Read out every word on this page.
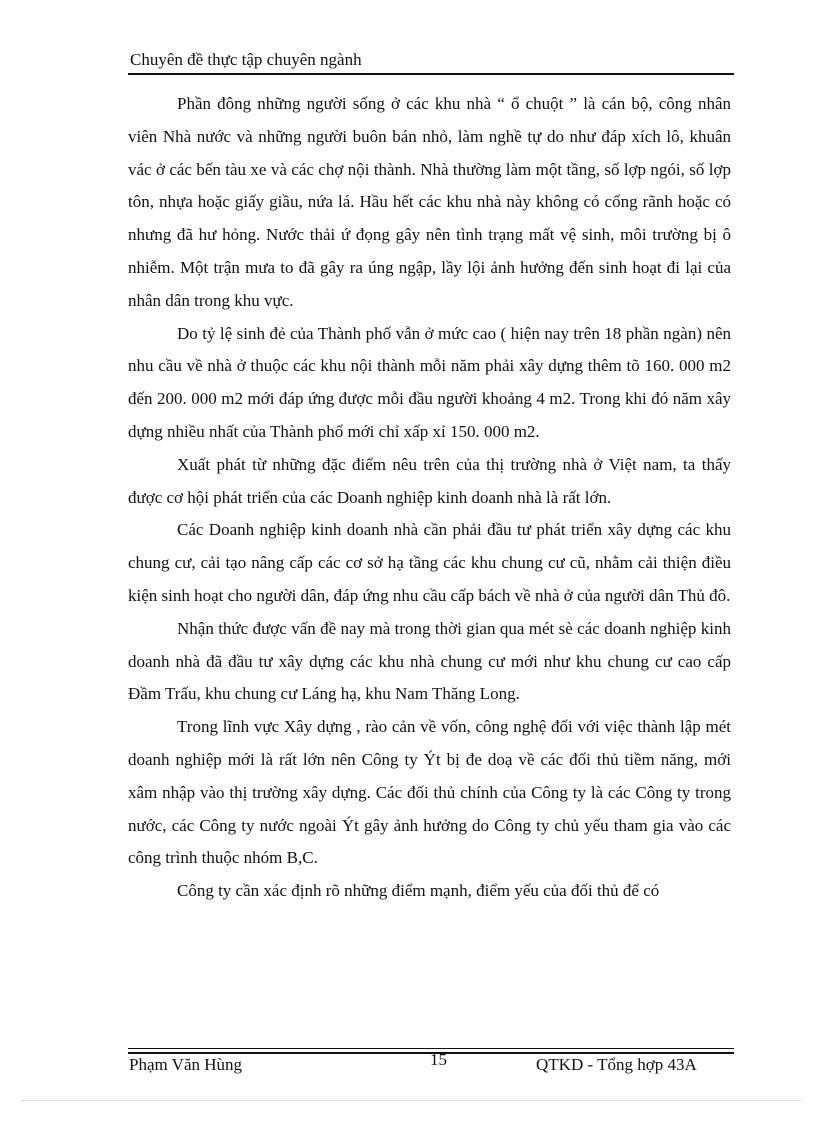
Chuyên đề thực tập chuyên ngành

Phần đông những người sống ở các khu nhà “ ổ chuột ” là cán bộ, công nhân viên Nhà nước và những người buôn bán nhỏ, làm nghề tự do như đáp xích lô, khuân vác ở các bến tàu xe và các chợ nội thành. Nhà thường làm một tầng, số lợp ngói, số lợp tôn, nhựa hoặc giấy giầu, nứa lá. Hầu hết các khu nhà này không có cống rãnh hoặc có nhưng đã hư hỏng. Nước thải ứ đọng gây nên tình trạng mất vệ sinh, môi trường bị ô nhiễm. Một trận mưa to đã gây ra úng ngập, lầy lội ảnh hưởng đến sinh hoạt đi lại của nhân dân trong khu vực.

Do tỷ lệ sinh đẻ của Thành phố vẫn ở mức cao ( hiện nay trên 18 phần ngàn) nên nhu cầu về nhà ở thuộc các khu nội thành mỗi năm phải xây dựng thêm tõ 160. 000 m2 đến 200. 000 m2 mới đáp ứng được mỗi đầu người khoảng 4 m2. Trong khi đó năm xây dựng nhiều nhất của Thành phố mới chỉ xấp xỉ 150. 000 m2.

Xuất phát từ những đặc điểm nêu trên của thị trường nhà ở Việt nam, ta thấy được cơ hội phát triển của các Doanh nghiệp kinh doanh nhà là rất lớn.

Các Doanh nghiệp kinh doanh nhà cần phải đầu tư phát triển xây dựng các khu chung cư, cải tạo nâng cấp các cơ sở hạ tầng các khu chung cư cũ, nhằm cải thiện điều kiện sinh hoạt cho người dân, đáp ứng nhu cầu cấp bách về nhà ở của người dân Thủ đô.

Nhận thức được vấn đề nay mà trong thời gian qua mét sè các doanh nghiệp kinh doanh nhà đã đầu tư xây dựng các khu nhà chung cư mới như khu chung cư cao cấp Đầm Trấu, khu chung cư Láng hạ, khu Nam Thăng Long.

Trong lĩnh vực Xây dựng , rào cản về vốn, công nghệ đối với việc thành lập mét doanh nghiệp mới là rất lớn nên Công ty Ýt bị đe doạ về các đối thủ tiềm năng, mới xâm nhập vào thị trường xây dựng. Các đối thủ chính của Công ty là các Công ty trong nước, các Công ty nước ngoài Ýt gây ảnh hưởng do Công ty chủ yếu tham gia vào các công trình thuộc nhóm B,C.

Công ty cần xác định rõ những điểm mạnh, điểm yếu của đối thủ để có

Phạm Văn Hùng	15	QTKD - Tổng hợp 43A
